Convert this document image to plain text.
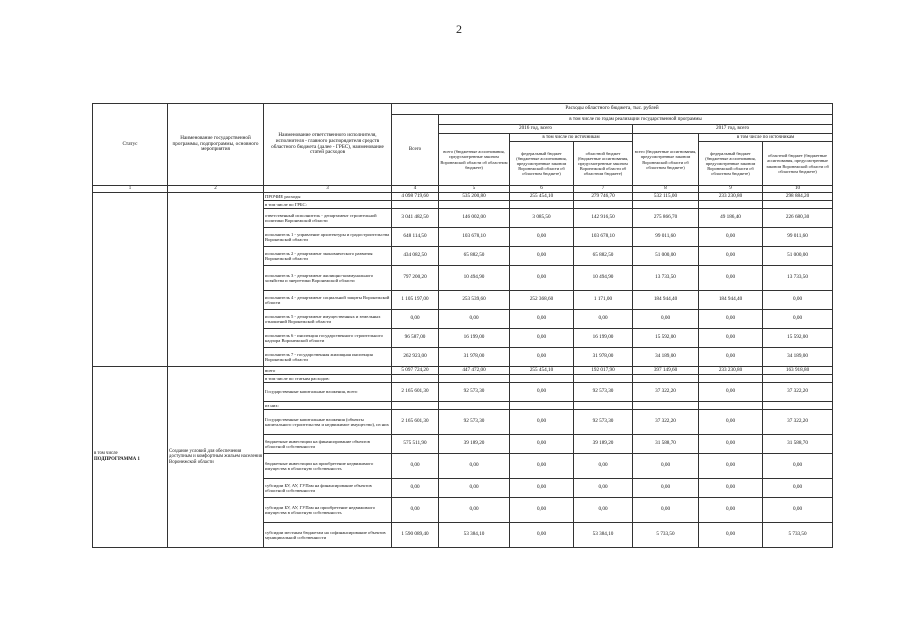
2
Статус	Наименование государственной программы, подпрограммы, основного мероприятия	Наименование ответственного исполнителя, исполнителя - главного распорядителя средств областного бюджета (далее - ГРБС), наименование статей расходов	Расходы областного бюджета, тыс. рублей						
			Всего	в том числе по годам реализации государственной программы					
				2016 год, всего			2017 год, всего		
				всего (бюджетные ассигнования, предусмотренные законом Воронежской области об областном бюджете)	в том числе по источникам		всего (бюджетные ассигнования, предусмотренные законом Воронежской области об областном бюджете)	в том числе по источникам	
					федеральный бюджет (бюджетные ассигнования, предусмотренные законом Воронежской области об областном бюджете)	областной бюджет (бюджетные ассигнования, предусмотренные законом Воронежской области об областном бюджете)		федеральный бюджет (бюджетные ассигнования, предусмотренные законом Воронежской области об областном бюджете)	областной бюджет (бюджетные ассигнования, предусмотренные законом Воронежской области об областном бюджете)
1	2	3	4	5	6	7	8	9	10

		ПРОЧИЕ расходы	4 098 719,60	535 200,80	255 454,10	279 746,70	532 115,00	233 230,80	298 884,20
		в том числе по ГРБС:							
		ответственный исполнитель - департамент строительной политики Воронежской области	3 041 482,50	146 002,00	3 085,50	142 916,50	275 866,70	49 186,40	226 680,30
		исполнитель 1 - управление архитектуры и градостроительства Воронежской области	648 114,50	103 678,10	0,00	103 678,10	99 011,60	0,00	99 011,60
		исполнитель 2 - департамент экономического развития Воронежской области	434 082,50	65 882,50	0,00	65 882,50	51 000,00	0,00	51 000,00
		исполнитель 3 - департамент жилищно-коммунального хозяйства и энергетики Воронежской области	797 200,20	10 494,90	0,00	10 494,90	13 733,50	0,00	13 733,50
		исполнитель 4 - департамент социальной защиты Воронежской области	1 105 197,00	253 539,60	252 368,60	1 171,00	184 944,40	184 944,40	0,00
		исполнитель 5 - департамент имущественных и земельных отношений Воронежской области	0,00	0,00	0,00	0,00	0,00	0,00	0,00
		исполнитель 6 - инспекция государственного строительного надзора Воронежской области	96 587,00	16 199,00	0,00	16 199,00	15 592,00	0,00	15 592,00
		исполнитель 7 - государственная жилищная инспекция Воронежской области	262 923,00	31 978,00	0,00	31 978,00	34 189,00	0,00	34 189,00

в том числе
ПОДПРОГРАММА 1	Создание условий для обеспечения доступным и комфортным жильем населения Воронежской области	всего	5 097 724,20	447 472,00	255 454,10	192 017,90	397 149,60	233 230,80	163 918,80
		в том числе по статьям расходов:							
		Государственные капитальные вложения, всего	2 165 601,30	92 573,30	0,00	92 573,30	37 322,20	0,00	37 322,20
		из них:							
		Государственные капитальные вложения (объекты капитального строительства и недвижимое имущество), из них	2 165 601,30	92 573,30	0,00	92 573,30	37 322,20	0,00	37 322,20
		бюджетные инвестиции на финансирование объектов областной собственности	575 511,90	39 189,20	0,00	39 189,20	31 588,70	0,00	31 588,70
		бюджетные инвестиции на приобретение недвижимого имущества в областную собственность	0,00	0,00	0,00	0,00	0,00	0,00	0,00
		субсидии БУ, АУ, ГУПам на финансирование объектов областной собственности	0,00	0,00	0,00	0,00	0,00	0,00	0,00
		субсидии БУ, АУ, ГУПам на приобретение недвижимого имущества в областную собственность	0,00	0,00	0,00	0,00	0,00	0,00	0,00
		субсидии местным бюджетам на софинансирование объектов муниципальной собственности	1 590 089,40	53 384,10	0,00	53 384,10	5 733,50	0,00	5 733,50
